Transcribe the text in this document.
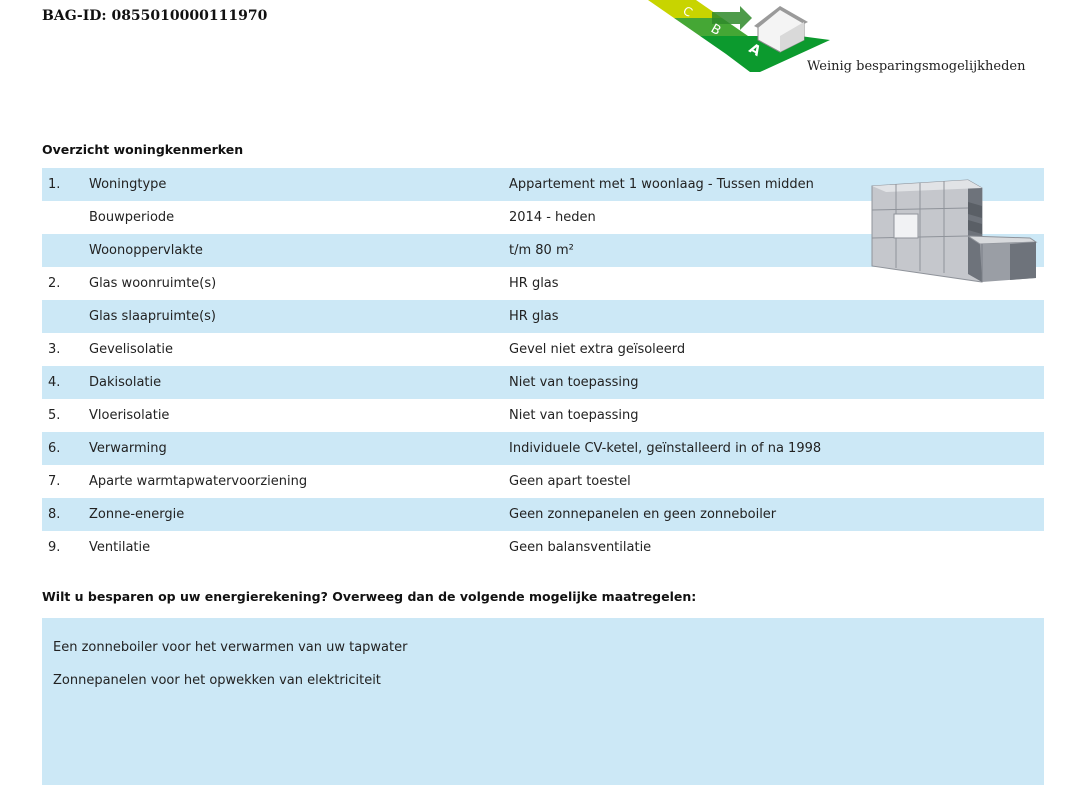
BAG-ID: 0855010000111970	C
B
A
Weinig besparingsmogelijkheden
Overzicht woningkenmerken
1. Woningtype	Appartement met 1 woonlaag - Tussen midden
Bouwperiode	2014 - heden
Woonoppervlakte	t/m 80 m²
2. Glas woonruimte(s)	HR glas
Glas slaapruimte(s)	HR glas
3. Gevelisolatie	Gevel niet extra geïsoleerd
4. Dakisolatie	Niet van toepassing
5. Vloerisolatie	Niet van toepassing
6. Verwarming	Individuele CV-ketel, geïnstalleerd in of na 1998
7. Aparte warmtapwatervoorziening	Geen apart toestel
8. Zonne-energie	Geen zonnepanelen en geen zonneboiler
9. Ventilatie	Geen balansventilatie
Wilt u besparen op uw energierekening? Overweeg dan de volgende mogelijke maatregelen:
Een zonneboiler voor het verwarmen van uw tapwater
Zonnepanelen voor het opwekken van elektriciteit
